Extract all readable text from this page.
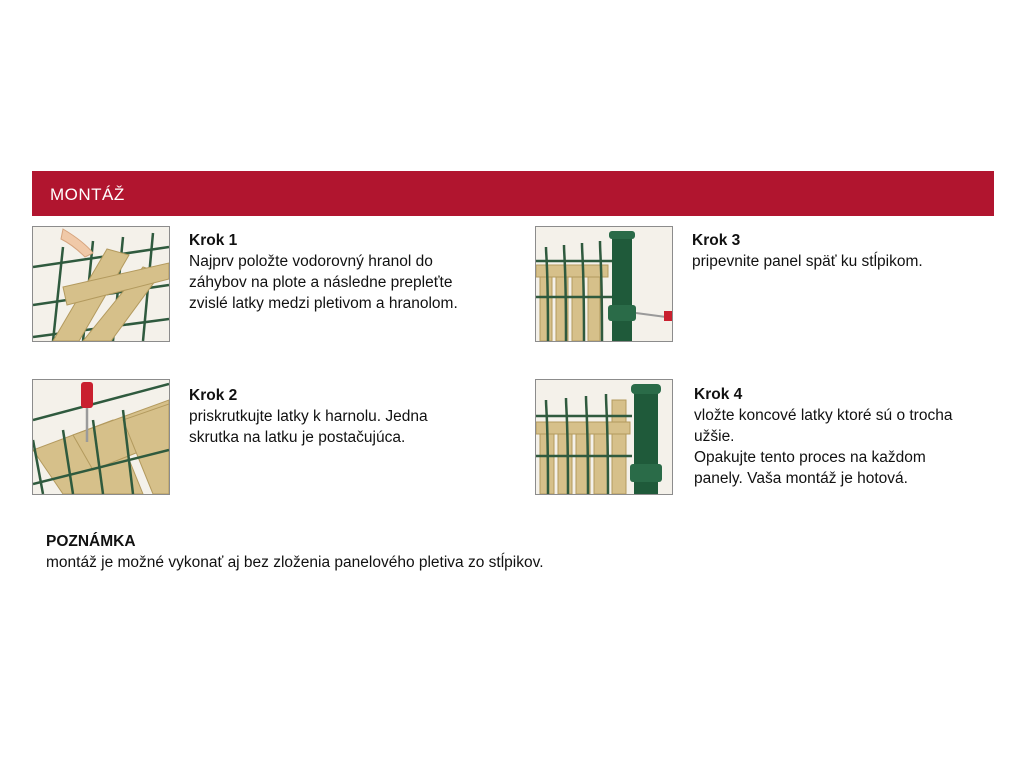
MONTÁŽ
Krok 1
Najprv položte vodorovný hranol do
záhybov na plote a následne prepleťte
zvislé latky medzi pletivom a hranolom.
Krok 2
priskrutkujte latky k harnolu. Jedna
skrutka na latku je postačujúca.
Krok 3
pripevnite panel späť ku stĺpikom.
Krok 4
vložte koncové latky ktoré sú o trocha
užšie.
Opakujte tento proces na každom
panely. Vaša montáž je hotová.
POZNÁMKA
montáž je možné vykonať aj bez zloženia panelového pletiva zo stĺpikov.
